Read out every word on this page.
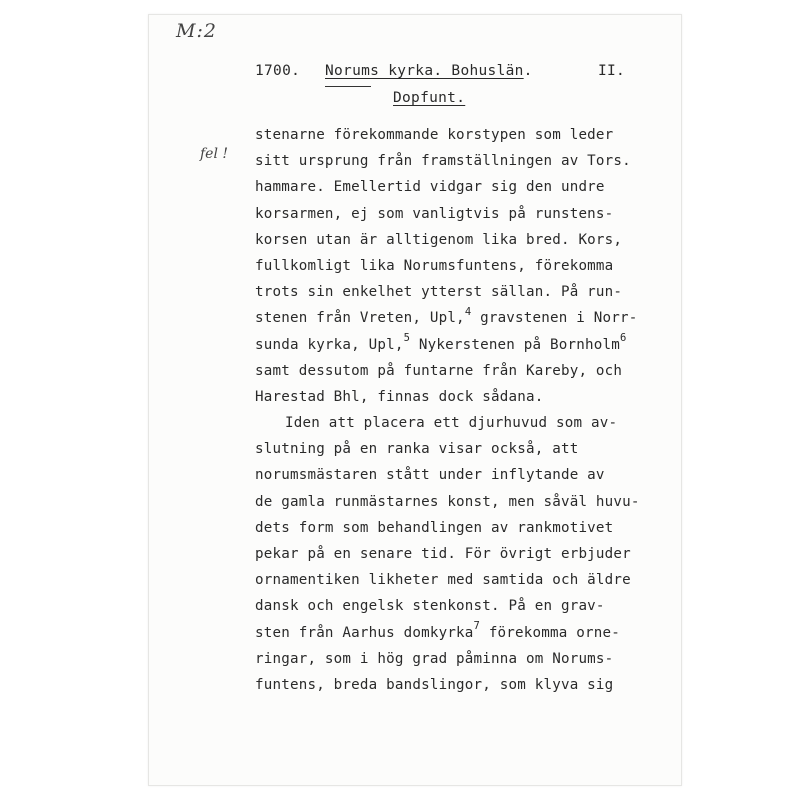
M:2
fel !
1700. Norums kyrka. Bohuslän.	II.
Dopfunt.
stenarne förekommande korstypen som leder
sitt ursprung från framställningen av Tors.
hammare. Emellertid vidgar sig den undre
korsarmen, ej som vanligtvis på runstens-
korsen utan är alltigenom lika bred. Kors,
fullkomligt lika Norumsfuntens, förekomma
trots sin enkelhet ytterst sällan. På run-
stenen från Vreten, Upl,$^4$ gravstenen i Norr-
sunda kyrka, Upl,$^5$ Nykerstenen på Bornholm$^6$
samt dessutom på funtarne från Kareby, och
Harestad Bhl, finnas dock sådana.
Iden att placera ett djurhuvud som av-
slutning på en ranka visar också, att
norumsmästaren stått under inflytande av
de gamla runmästarnes konst, men såväl huvu-
dets form som behandlingen av rankmotivet
pekar på en senare tid. För övrigt erbjuder
ornamentiken likheter med samtida och äldre
dansk och engelsk stenkonst. På en grav-
sten från Aarhus domkyrka$^7$ förekomma orne-
ringar, som i hög grad påminna om Norums-
funtens, breda bandslingor, som klyva sig
